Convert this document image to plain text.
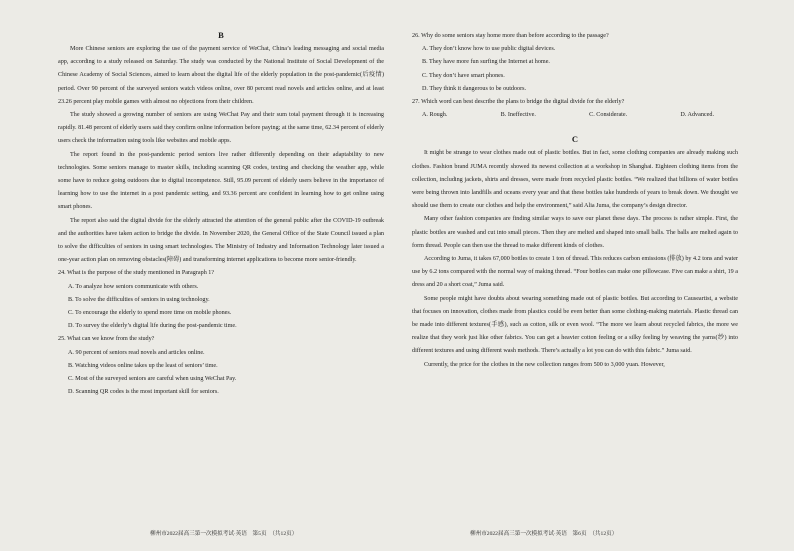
B

More Chinese seniors are exploring the use of the payment service of WeChat, China’s leading messaging and social media app, according to a study released on Saturday. The study was conducted by the National Institute of Social Development of the Chinese Academy of Social Sciences, aimed to learn about the digital life of the elderly population in the post-pandemic(后疫情) period. Over 90 percent of the surveyed seniors watch videos online, over 80 percent read novels and articles online, and at least 23.26 percent play mobile games with almost no objections from their children.

The study showed a growing number of seniors are using WeChat Pay and their sum total payment through it is increasing rapidly. 81.48 percent of elderly users said they confirm online information before paying; at the same time, 62.34 percent of elderly users check the information using tools like websites and mobile apps.

The report found in the post-pandemic period seniors live rather differently depending on their adaptability to new technologies. Some seniors manage to master skills, including scanning QR codes, texting and checking the weather app, while some have to reduce going outdoors due to digital incompetence. Still, 95.09 percent of elderly users believe in the importance of learning how to use the internet in a post pandemic setting, and 93.36 percent are confident in learning how to get online using smart phones.

The report also said the digital divide for the elderly attracted the attention of the general public after the COVID-19 outbreak and the authorities have taken action to bridge the divide. In November 2020, the General Office of the State Council issued a plan to solve the difficulties of seniors in using smart technologies. The Ministry of Industry and Information Technology later issued a one-year action plan on removing obstacles(障碍) and transforming internet applications to become more senior-friendly.

24. What is the purpose of the study mentioned in Paragraph 1?

A. To analyze how seniors communicate with others.

B. To solve the difficulties of seniors in using technology.

C. To encourage the elderly to spend more time on mobile phones.

D. To survey the elderly’s digital life during the post-pandemic time.

25. What can we know from the study?

A. 90 percent of seniors read novels and articles online.

B. Watching videos online takes up the least of seniors’ time.

C. Most of the surveyed seniors are careful when using WeChat Pay.

D. Scanning QR codes is the most important skill for seniors.

26. Why do some seniors stay home more than before according to the passage?

A. They don’t know how to use public digital devices.

B. They have more fun surfing the Internet at home.

C. They don’t have smart phones.

D. They think it dangerous to be outdoors.

27. Which word can best describe the plans to bridge the digital divide for the elderly?

A. Rough.	B. Ineffective.	C. Considerate.	D. Advanced.
C

It might be strange to wear clothes made out of plastic bottles. But in fact, some clothing companies are already making such clothes. Fashion brand JUMA recently showed its newest collection at a workshop in Shanghai. Eighteen clothing items from the collection, including jackets, shirts and dresses, were made from recycled plastic bottles. “We realized that billions of water bottles were being thrown into landfills and oceans every year and that these bottles take hundreds of years to break down. We thought we should use them to create our clothes and help the environment,” said Alia Juma, the company’s design director.

Many other fashion companies are finding similar ways to save our planet these days. The process is rather simple. First, the plastic bottles are washed and cut into small pieces. Then they are melted and shaped into small balls. The balls are melted again to form thread. People can then use the thread to make different kinds of clothes.

According to Juma, it takes 67,000 bottles to create 1 ton of thread. This reduces carbon emissions (排放) by 4.2 tons and water use by 6.2 tons compared with the normal way of making thread. “Four bottles can make one pillowcase. Five can make a shirt, 19 a dress and 20 a short coat,” Juma said.

Some people might have doubts about wearing something made out of plastic bottles. But according to Causeartist, a website that focuses on innovation, clothes made from plastics could be even better than some clothing-making materials. Plastic thread can be made into different textures(手感), such as cotton, silk or even wool. “The more we learn about recycled fabrics, the more we realize that they work just like other fabrics. You can get a heavier cotton feeling or a silky feeling by weaving the yarns(纱) into different textures and using different wash methods. There’s actually a lot you can do with this fabric.” Juma said.

Currently, the price for the clothes in the new collection ranges from 500 to 3,000 yuan. However,

柳州市2022届高三第一次模拟考试·英语　第5页　（共12页）	柳州市2022届高三第一次模拟考试·英语　第6页　（共12页）
